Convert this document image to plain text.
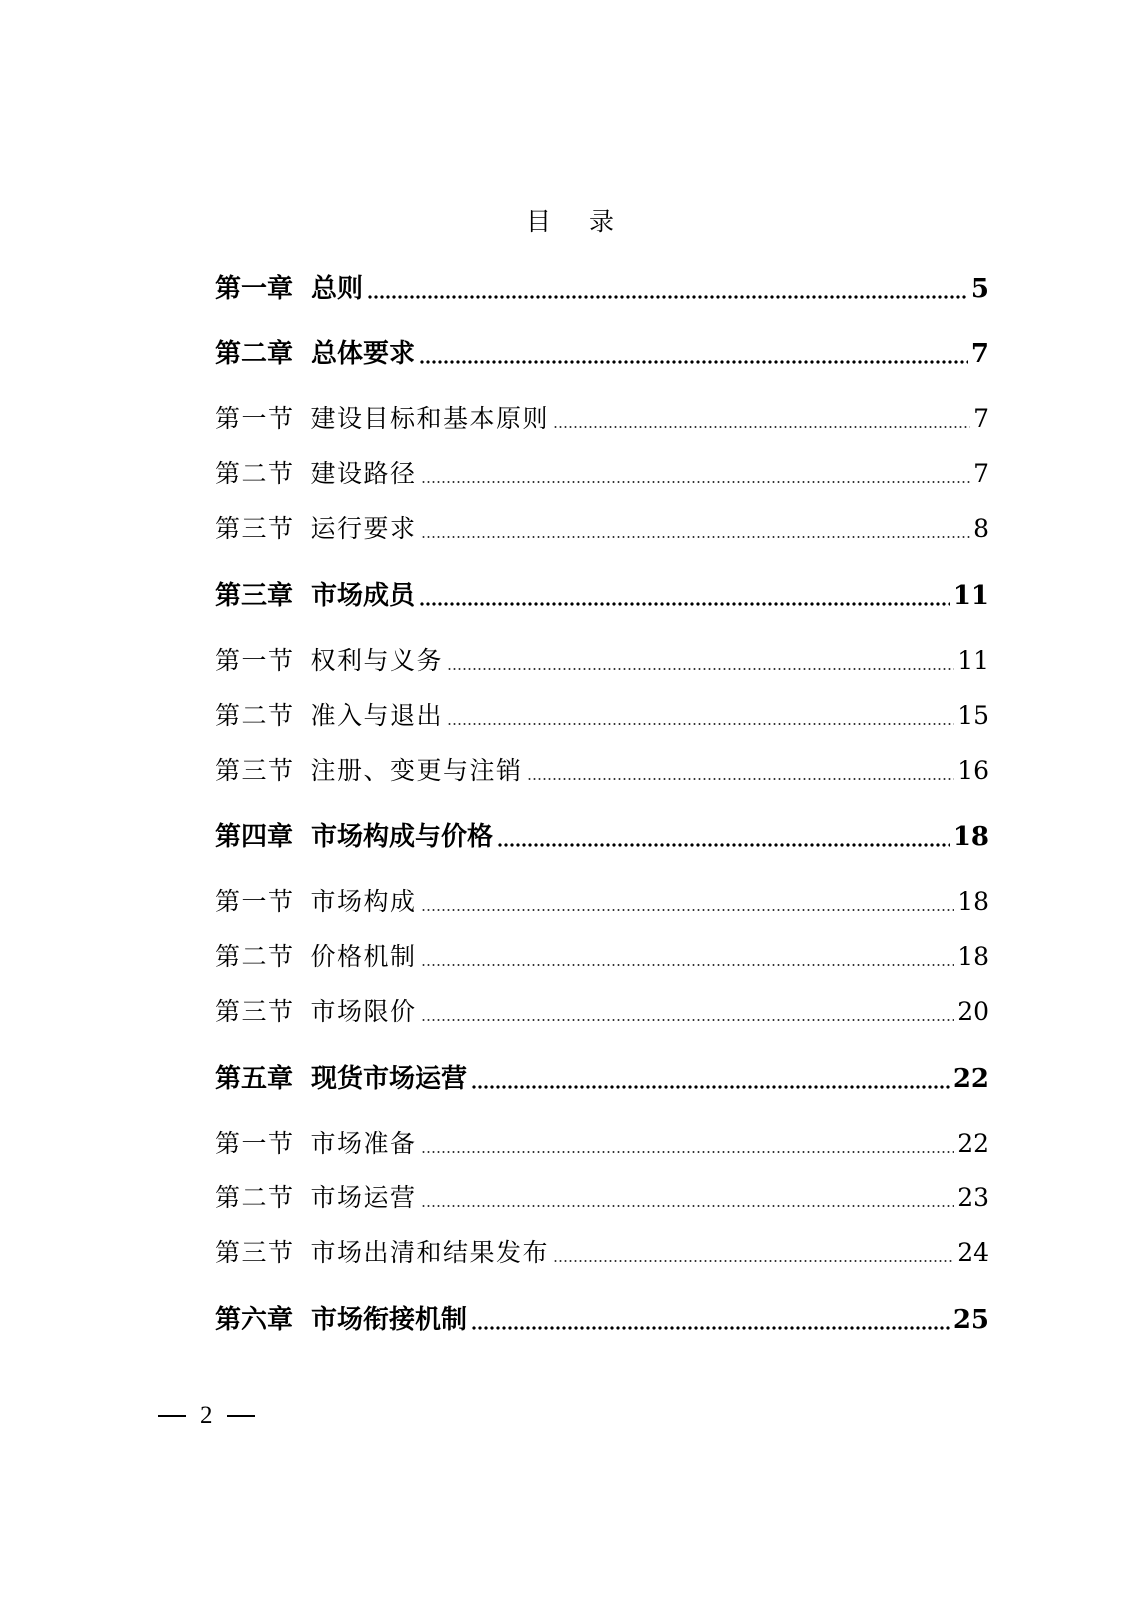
目 录
第一章 总则	5
第二章 总体要求	7
第一节 建设目标和基本原则	7
第二节 建设路径	7
第三节 运行要求	8
第三章 市场成员	11
第一节 权利与义务	11
第二节 准入与退出	15
第三节 注册、变更与注销	16
第四章 市场构成与价格	18
第一节 市场构成	18
第二节 价格机制	18
第三节 市场限价	20
第五章 现货市场运营	22
第一节 市场准备	22
第二节 市场运营	23
第三节 市场出清和结果发布	24
第六章 市场衔接机制	25
2
